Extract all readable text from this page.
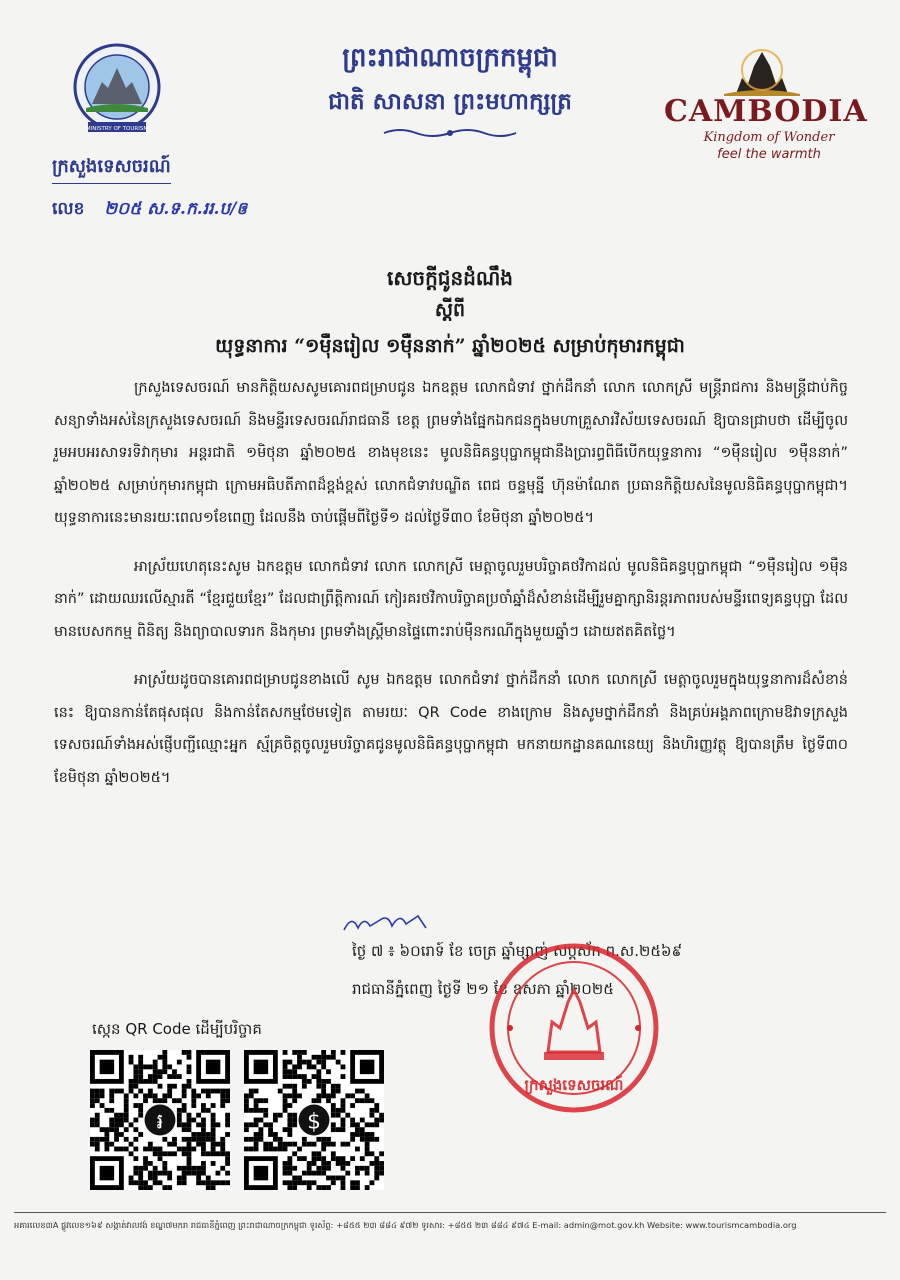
MINISTRY OF TOURISM
ព្រះរាជាណាចក្រកម្ពុជា
ជាតិ សាសនា ព្រះមហាក្សត្រ	CAMBODIA
Kingdom of Wonder
feel the warmth
ក្រសួងទេសចរណ៍
លេខ ២០៥ ស.ទ.ក.ររ.ប/ឲ
សេចក្តីជូនដំណឹង
ស្តីពី
យុទ្ធនាការ “១ម៉ឺនរៀល ១ម៉ឺននាក់” ឆ្នាំ២០២៥ សម្រាប់កុមារកម្ពុជា

ក្រសួងទេសចរណ៍ មានកិត្តិយសសូមគោរពជម្រាបជូន ឯកឧត្តម លោកជំទាវ ថ្នាក់ដឹកនាំ លោក លោកស្រី មន្ត្រីរាជការ និងមន្ត្រីជាប់កិច្ចសន្យាទាំងអស់នៃក្រសួងទេសចរណ៍ និងមន្ទីរទេសចរណ៍រាជធានី ខេត្ត ព្រមទាំងផ្នែកឯកជនក្នុងមហាគ្រួសារវិស័យទេសចរណ៍ ឱ្យបានជ្រាបថា ដើម្បីចូលរួមអបអរសាទរទិវាកុមារ អន្តរជាតិ ១មិថុនា ឆ្នាំ២០២៥ ខាងមុខនេះ មូលនិធិគន្ធបុប្ផាកម្ពុជានឹងប្រារព្ធពិធីបើកយុទ្ធនាការ “១ម៉ឺនរៀល ១ម៉ឺននាក់” ឆ្នាំ២០២៥ សម្រាប់កុមារកម្ពុជា ក្រោមអធិបតីភាពដ៏ខ្ពង់ខ្ពស់ លោកជំទាវបណ្ឌិត ពេជ ចន្ទមុន្នី ហ៊ុនម៉ាណែត ប្រធានកិត្តិយសនៃមូលនិធិគន្ធបុប្ផាកម្ពុជា។ យុទ្ធនាការនេះមានរយៈពេល១ខែពេញ ដែលនឹង ចាប់ផ្តើមពីថ្ងៃទី១ ដល់ថ្ងៃទី៣០ ខែមិថុនា ឆ្នាំ២០២៥។

អាស្រ័យហេតុនេះសូម ឯកឧត្តម លោកជំទាវ លោក លោកស្រី មេត្តាចូលរួមបរិច្ចាគថវិកាដល់ មូលនិធិគន្ធបុប្ផាកម្ពុជា “១ម៉ឺនរៀល ១ម៉ឺននាក់” ដោយឈរលើស្មារតី “ខ្មែរជួយខ្មែរ” ដែលជាព្រឹត្តិការណ៍ កៀរគរថវិកាបរិច្ចាគប្រចាំឆ្នាំដ៏សំខាន់ដើម្បីរួមគ្នាក្សានិរន្តរភាពរបស់មន្ទីរពេទ្យគន្ធបុប្ផា ដែលមានបេសកកម្ម ពិនិត្យ និងព្យាបាលទារក និងកុមារ ព្រមទាំងស្ត្រីមានផ្ទៃពោះរាប់ម៉ឺនករណីក្នុងមួយឆ្នាំៗ ដោយឥតគិតថ្លៃ។

អាស្រ័យដូចបានគោរពជម្រាបជូនខាងលើ សូម ឯកឧត្តម លោកជំទាវ ថ្នាក់ដឹកនាំ លោក លោកស្រី មេត្តាចូលរួមក្នុងយុទ្ធនាការដ៏សំខាន់នេះ ឱ្យបានកាន់តែផុសផុល និងកាន់តែសកម្មថែមទៀត តាមរយៈ QR Code ខាងក្រោម និងសូមថ្នាក់ដឹកនាំ និងគ្រប់អង្គភាពក្រោមឱវាទក្រសួងទេសចរណ៍ទាំងអស់ផ្ញើបញ្ជីឈ្មោះអ្នក ស្ម័គ្រចិត្តចូលរួមបរិច្ចាគជូនមូលនិធិគន្ធបុប្ផាកម្ពុជា មកនាយកដ្ឋានគណនេយ្យ និងហិរញ្ញវត្ថុ ឱ្យបានត្រឹម ថ្ងៃទី៣០ ខែមិថុនា ឆ្នាំ២០២៥។

ថ្ងៃ ៧ ៖ ៦០រោទ៍ ខែ ចេត្រ ឆ្នាំម្សាញ់ សប្តស័ក ព.ស.២៥៦៩
រាជធានីភ្នំពេញ ថ្ងៃទី ២១ ខែ ឧសភា ឆ្នាំ២០២៥
ក្រសួងទេសចរណ៍
ស្កេន QR Code ដើម្បីបរិច្ចាគ
៛	$
អគារលេខ៣A ផ្លូវលេខ១៦៩ សង្កាត់វាលវង់ ខណ្ឌ៧មករា រាជធានីភ្នំពេញ ព្រះរាជាណាចក្រកម្ពុជា ទូរស័ព្ទ: +៨៥៥ ២៣ ៨៨៤ ៩៧២ ទូរសារ: +៨៥៥ ២៣ ៨៨៤ ៩៧៤ E-mail: admin@mot.gov.kh Website: www.tourismcambodia.org
